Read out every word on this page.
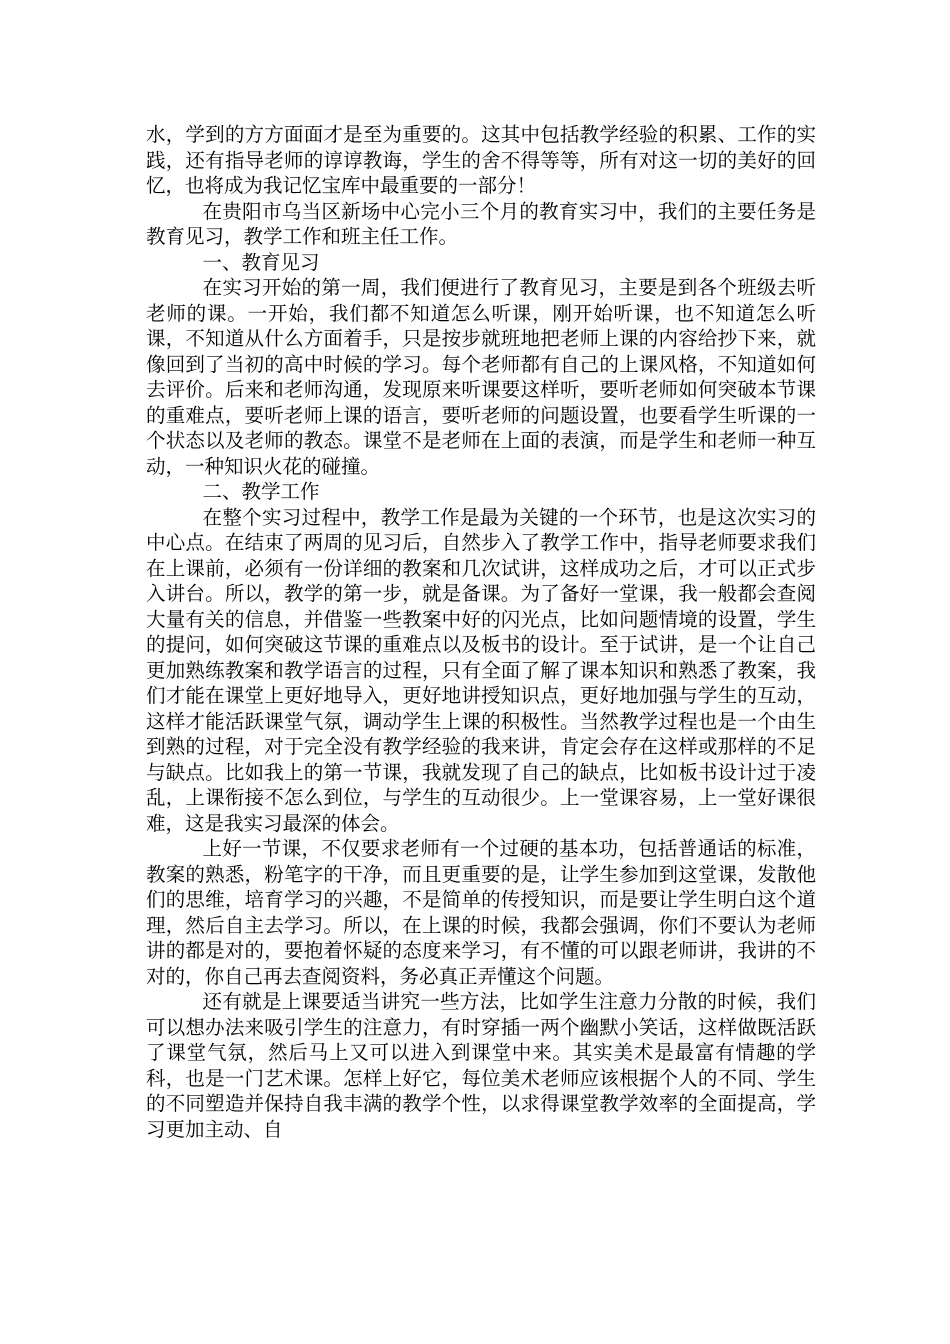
水，学到的方方面面才是至为重要的。这其中包括教学经验的积累、工作的实践，还有指导老师的谆谆教诲，学生的舍不得等等，所有对这一切的美好的回忆，也将成为我记忆宝库中最重要的一部分！

在贵阳市乌当区新场中心完小三个月的教育实习中，我们的主要任务是教育见习，教学工作和班主任工作。

一、教育见习

在实习开始的第一周，我们便进行了教育见习，主要是到各个班级去听老师的课。一开始，我们都不知道怎么听课，刚开始听课，也不知道怎么听课，不知道从什么方面着手，只是按步就班地把老师上课的内容给抄下来，就像回到了当初的高中时候的学习。每个老师都有自己的上课风格，不知道如何去评价。后来和老师沟通，发现原来听课要这样听，要听老师如何突破本节课的重难点，要听老师上课的语言，要听老师的问题设置，也要看学生听课的一个状态以及老师的教态。课堂不是老师在上面的表演，而是学生和老师一种互动，一种知识火花的碰撞。

二、教学工作

在整个实习过程中，教学工作是最为关键的一个环节，也是这次实习的中心点。在结束了两周的见习后，自然步入了教学工作中，指导老师要求我们在上课前，必须有一份详细的教案和几次试讲，这样成功之后，才可以正式步入讲台。所以，教学的第一步，就是备课。为了备好一堂课，我一般都会查阅大量有关的信息，并借鉴一些教案中好的闪光点，比如问题情境的设置，学生的提问，如何突破这节课的重难点以及板书的设计。至于试讲，是一个让自己更加熟练教案和教学语言的过程，只有全面了解了课本知识和熟悉了教案，我们才能在课堂上更好地导入，更好地讲授知识点，更好地加强与学生的互动，这样才能活跃课堂气氛，调动学生上课的积极性。当然教学过程也是一个由生到熟的过程，对于完全没有教学经验的我来讲，肯定会存在这样或那样的不足与缺点。比如我上的第一节课，我就发现了自己的缺点，比如板书设计过于凌乱，上课衔接不怎么到位，与学生的互动很少。上一堂课容易，上一堂好课很难，这是我实习最深的体会。

上好一节课，不仅要求老师有一个过硬的基本功，包括普通话的标准，教案的熟悉，粉笔字的干净，而且更重要的是，让学生参加到这堂课，发散他们的思维，培育学习的兴趣，不是简单的传授知识，而是要让学生明白这个道理，然后自主去学习。所以，在上课的时候，我都会强调，你们不要认为老师讲的都是对的，要抱着怀疑的态度来学习，有不懂的可以跟老师讲，我讲的不对的，你自己再去查阅资料，务必真正弄懂这个问题。

还有就是上课要适当讲究一些方法，比如学生注意力分散的时候，我们可以想办法来吸引学生的注意力，有时穿插一两个幽默小笑话，这样做既活跃了课堂气氛，然后马上又可以进入到课堂中来。其实美术是最富有情趣的学科，也是一门艺术课。怎样上好它，每位美术老师应该根据个人的不同、学生的不同塑造并保持自我丰满的教学个性，以求得课堂教学效率的全面提高，学习更加主动、自
